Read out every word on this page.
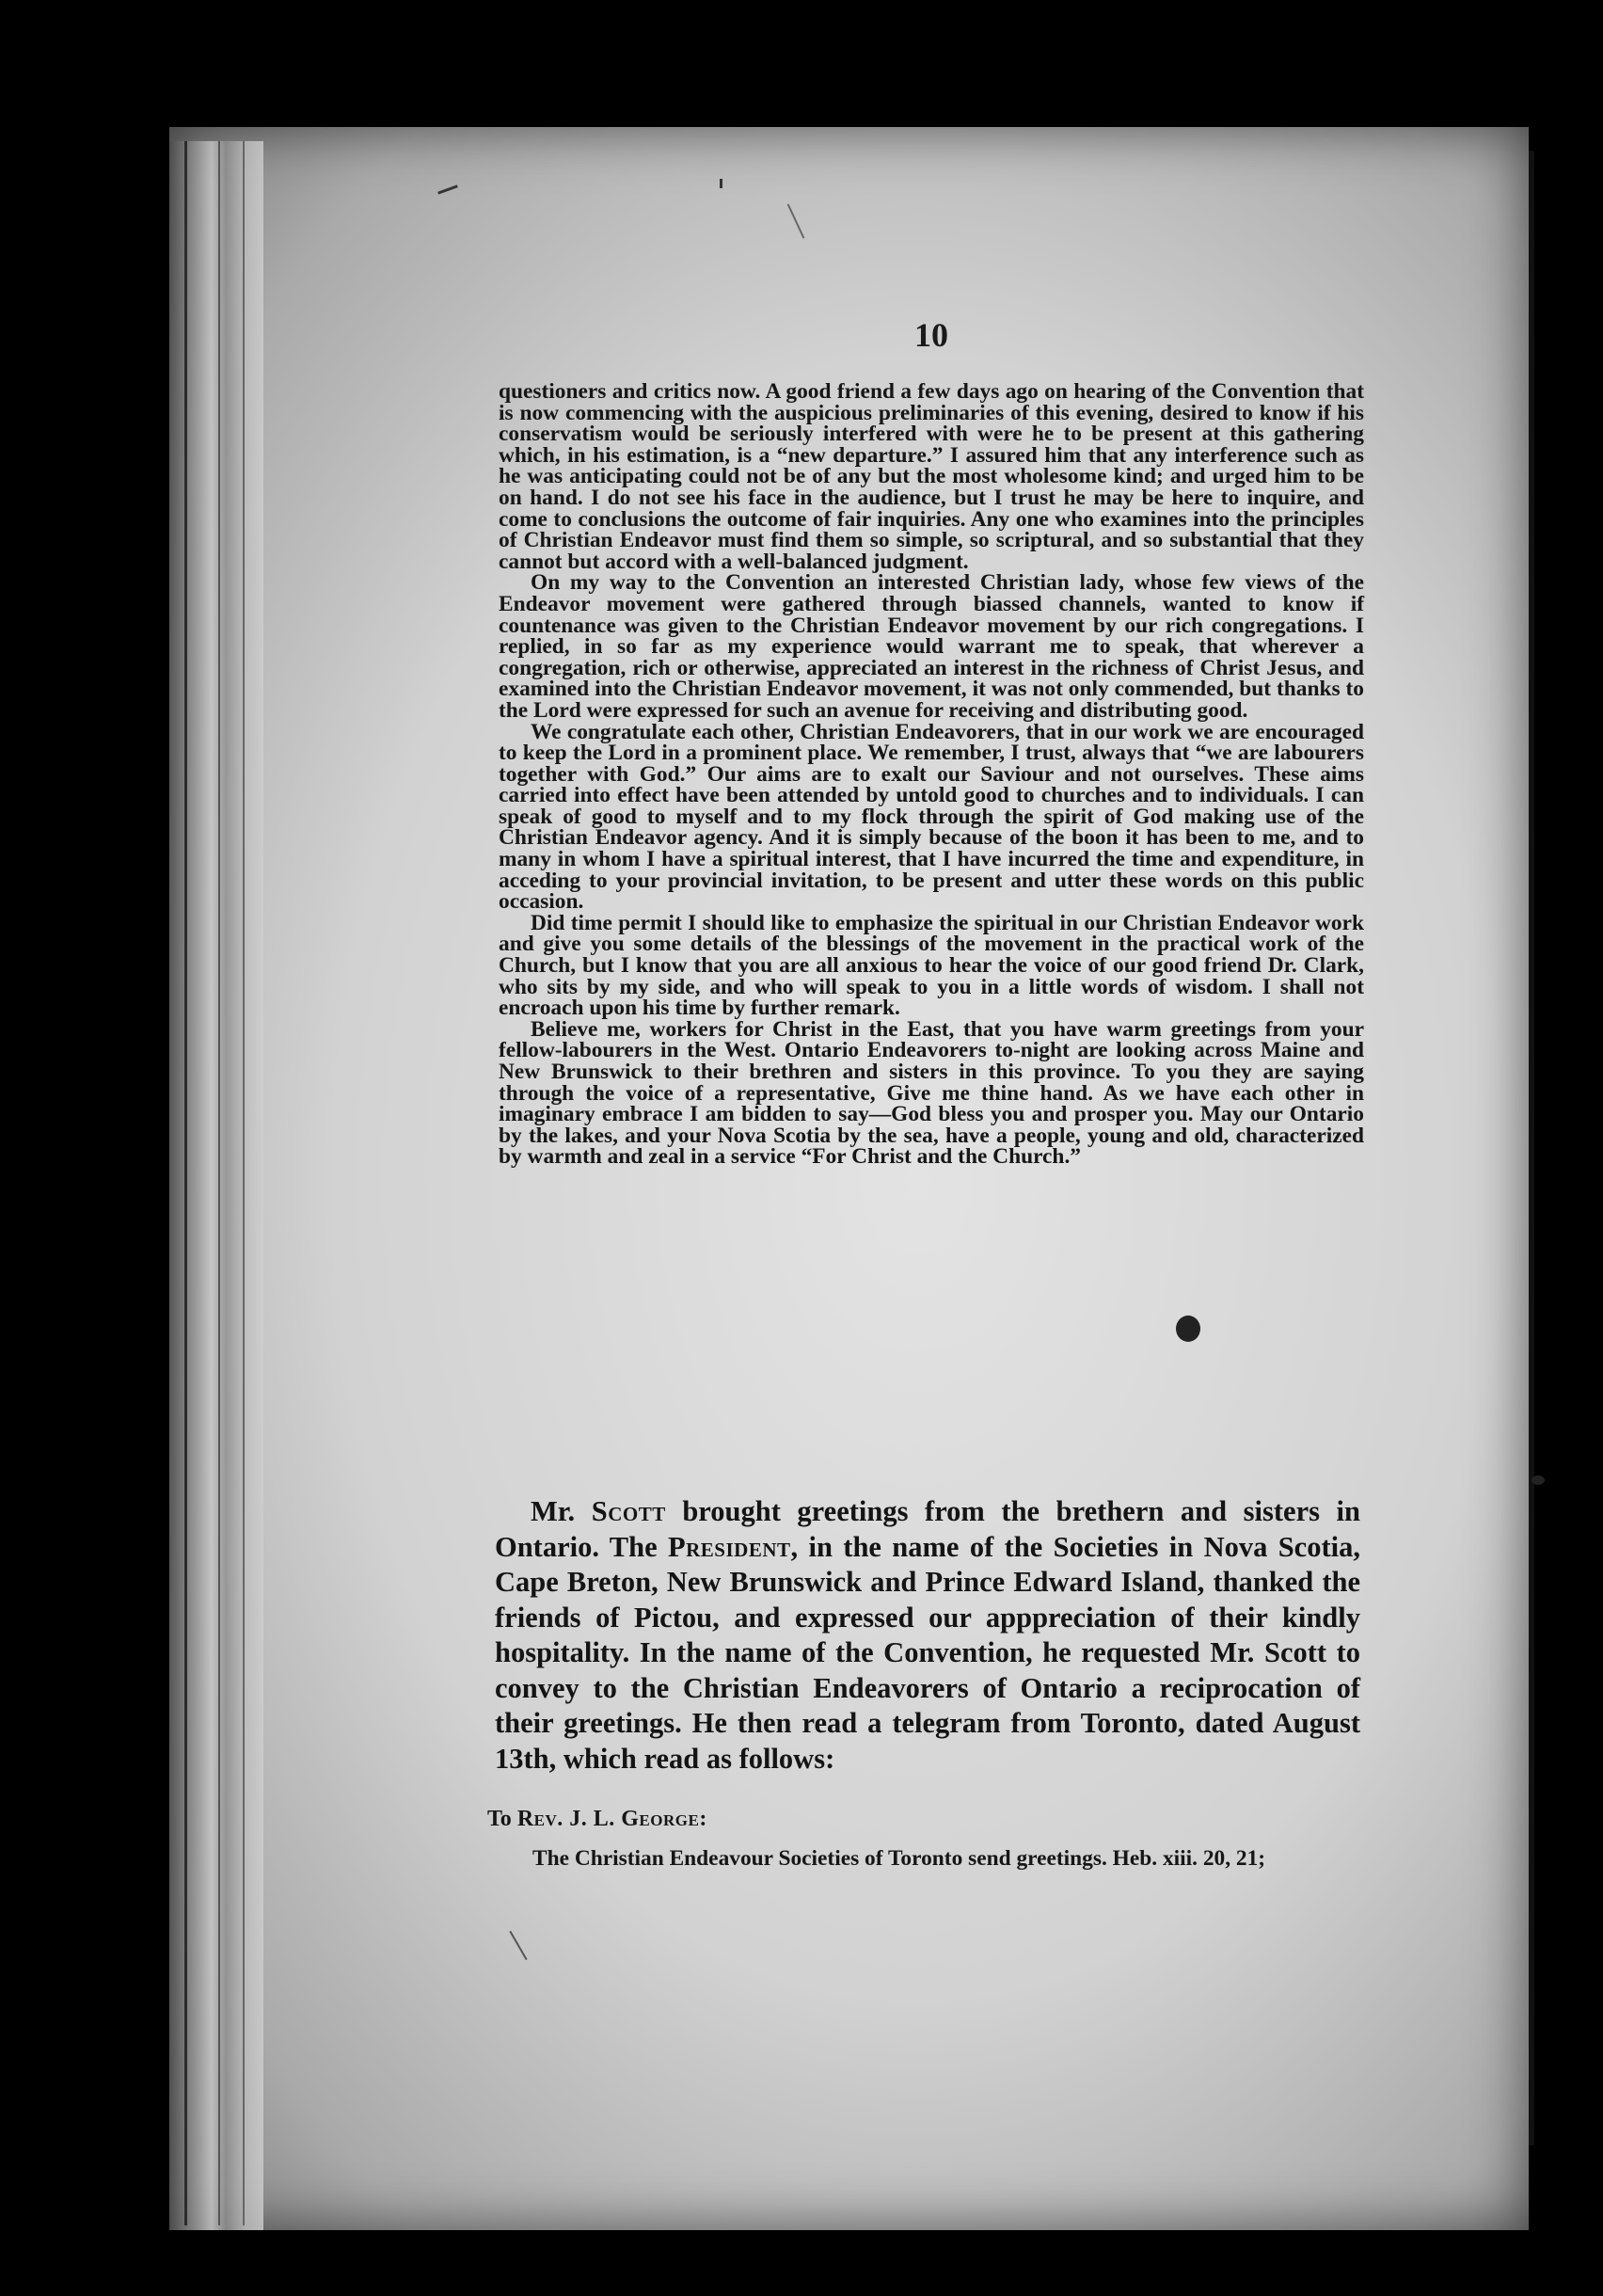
10

questioners and critics now. A good friend a few days ago on hearing of the Convention that is now commencing with the auspicious preliminaries of this evening, desired to know if his conservatism would be seriously interfered with were he to be present at this gathering which, in his estimation, is a “new departure.” I assured him that any interference such as he was anticipating could not be of any but the most wholesome kind; and urged him to be on hand. I do not see his face in the audience, but I trust he may be here to inquire, and come to conclusions the outcome of fair inquiries. Any one who examines into the principles of Christian Endeavor must find them so simple, so scriptural, and so substantial that they cannot but accord with a well-balanced judgment.

On my way to the Convention an interested Christian lady, whose few views of the Endeavor movement were gathered through biassed channels, wanted to know if countenance was given to the Christian Endeavor movement by our rich congregations. I replied, in so far as my experience would warrant me to speak, that wherever a congregation, rich or otherwise, appreciated an interest in the richness of Christ Jesus, and examined into the Christian Endeavor movement, it was not only commended, but thanks to the Lord were expressed for such an avenue for receiving and distributing good.

We congratulate each other, Christian Endeavorers, that in our work we are encouraged to keep the Lord in a prominent place. We remember, I trust, always that “we are labourers together with God.” Our aims are to exalt our Saviour and not ourselves. These aims carried into effect have been attended by untold good to churches and to individuals. I can speak of good to myself and to my flock through the spirit of God making use of the Christian Endeavor agency. And it is simply because of the boon it has been to me, and to many in whom I have a spiritual interest, that I have incurred the time and expenditure, in acceding to your provincial invitation, to be present and utter these words on this public occasion.

Did time permit I should like to emphasize the spiritual in our Christian Endeavor work and give you some details of the blessings of the movement in the practical work of the Church, but I know that you are all anxious to hear the voice of our good friend Dr. Clark, who sits by my side, and who will speak to you in a little words of wisdom. I shall not encroach upon his time by further remark.

Believe me, workers for Christ in the East, that you have warm greetings from your fellow-labourers in the West. Ontario Endeavorers to-night are looking across Maine and New Brunswick to their brethren and sisters in this province. To you they are saying through the voice of a representative, Give me thine hand. As we have each other in imaginary embrace I am bidden to say—God bless you and prosper you. May our Ontario by the lakes, and your Nova Scotia by the sea, have a people, young and old, characterized by warmth and zeal in a service “For Christ and the Church.”

Mr. Scott brought greetings from the brethern and sisters in Ontario. The President, in the name of the Societies in Nova Scotia, Cape Breton, New Brunswick and Prince Edward Island, thanked the friends of Pictou, and expressed our apppreciation of their kindly hospitality. In the name of the Convention, he requested Mr. Scott to convey to the Christian Endeavorers of Ontario a reciprocation of their greetings. He then read a telegram from Toronto, dated August 13th, which read as follows:

To Rev. J. L. George:

The Christian Endeavour Societies of Toronto send greetings. Heb. xiii. 20, 21;
